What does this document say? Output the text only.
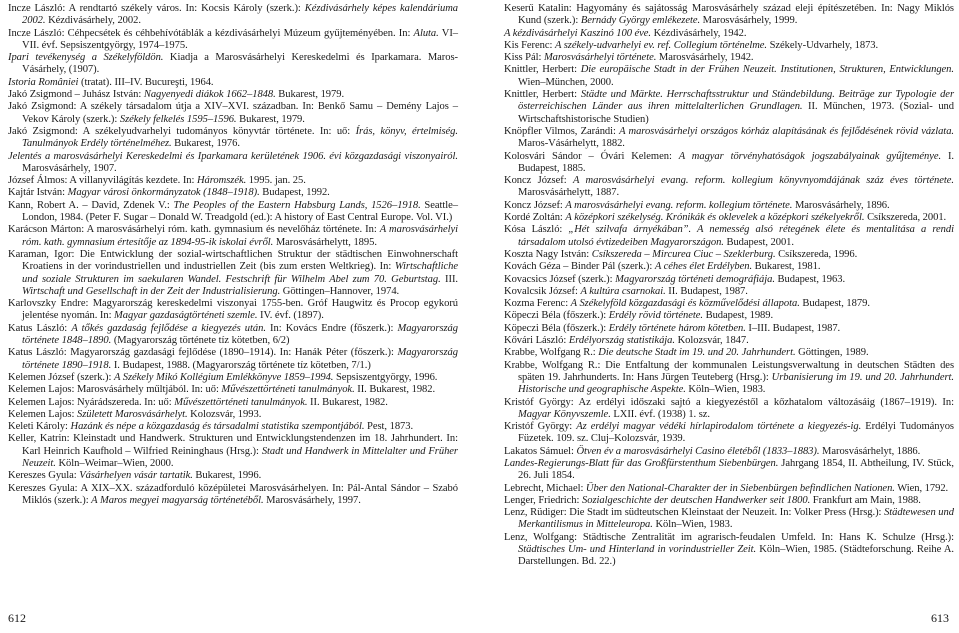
Incze László: A rendtartó székely város. In: Kocsis Károly (szerk.): Kézdivásárhely képes kalendáriuma 2002. Kézdivásárhely, 2002.

Incze László: Céhpecsétek és céhbehívótáblák a kézdivásárhelyi Múzeum gyűjteményében. In: Aluta. VI–VII. évf. Sepsiszentgyörgy, 1974–1975.

Ipari tevékenység a Székelyföldön. Kiadja a Marosvásárhelyi Kereskedelmi és Iparkamara. Maros-Vásárhely, (1907).

Istoria României (tratat). III–IV. Bucureşti, 1964.

Jakó Zsigmond – Juhász István: Nagyenyedi diákok 1662–1848. Bukarest, 1979.

Jakó Zsigmond: A székely társadalom útja a XIV–XVI. században. In: Benkő Samu – Demény Lajos – Vekov Károly (szerk.): Székely felkelés 1595–1596. Bukarest, 1979.

Jakó Zsigmond: A székelyudvarhelyi tudományos könyvtár története. In: uő: Írás, könyv, értelmiség. Tanulmányok Erdély történelméhez. Bukarest, 1976.

Jelentés a marosvásárhelyi Kereskedelmi és Iparkamara kerületének 1906. évi közgazdasági viszonyairól. Marosvásárhely, 1907.

József Álmos: A villanyvilágítás kezdete. In: Háromszék. 1995. jan. 25.

Kajtár István: Magyar városi önkormányzatok (1848–1918). Budapest, 1992.

Kann, Robert A. – David, Zdenek V.: The Peoples of the Eastern Habsburg Lands, 1526–1918. Seattle–London, 1984. (Peter F. Sugar – Donald W. Treadgold (ed.): A history of East Central Europe. Vol. VI.)

Karácson Márton: A marosvásárhelyi róm. kath. gymnasium és nevelőház története. In: A marosvásárhelyi róm. kath. gymnasium értesítője az 1894-95-ik iskolai évről. Marosvásárhelytt, 1895.

Karaman, Igor: Die Entwicklung der sozial-wirtschaftlichen Struktur der städtischen Einwohnerschaft Kroatiens in der vorindustriellen und industriellen Zeit (bis zum ersten Weltkrieg). In: Wirtschaftliche und soziale Strukturen im saekularen Wandel. Festschrift für Wilhelm Abel zum 70. Geburtstag. III. Wirtschaft und Gesellschaft in der Zeit der Industrialisierung. Göttingen–Hannover, 1974.

Karlovszky Endre: Magyarország kereskedelmi viszonyai 1755-ben. Gróf Haugwitz és Procop egykorú jelentése nyomán. In: Magyar gazdaságtörténeti szemle. IV. évf. (1897).

Katus László: A tőkés gazdaság fejlődése a kiegyezés után. In: Kovács Endre (főszerk.): Magyarország története 1848–1890. (Magyarország története tíz kötetben, 6/2)

Katus László: Magyarország gazdasági fejlődése (1890–1914). In: Hanák Péter (főszerk.): Magyarország története 1890–1918. I. Budapest, 1988. (Magyarország története tíz kötetben, 7/1.)

Kelemen József (szerk.): A Székely Mikó Kollégium Emlékkönyve 1859–1994. Sepsiszentgyörgy, 1996.

Kelemen Lajos: Marosvásárhely műltjából. In: uő: Művészettörténeti tanulmányok. II. Bukarest, 1982.

Kelemen Lajos: Nyárádszereda. In: uő: Művészettörténeti tanulmányok. II. Bukarest, 1982.

Kelemen Lajos: Született Marosvásárhelyt. Kolozsvár, 1993.

Keleti Károly: Hazánk és népe a közgazdaság és társadalmi statistika szempontjából. Pest, 1873.

Keller, Katrin: Kleinstadt und Handwerk. Strukturen und Entwicklungstendenzen im 18. Jahrhundert. In: Karl Heinrich Kaufhold – Wilfried Reininghaus (Hrsg.): Stadt und Handwerk in Mittelalter und Früher Neuzeit. Köln–Weimar–Wien, 2000.

Kereszes Gyula: Vásárhelyen vásár tartatik. Bukarest, 1996.

Kereszes Gyula: A XIX–XX. századforduló középületei Marosvásárhelyen. In: Pál-Antal Sándor – Szabó Miklós (szerk.): A Maros megyei magyarság történetéből. Marosvásárhely, 1997.

Keserű Katalin: Hagyomány és sajátosság Marosvásárhely század eleji építészetében. In: Nagy Miklós Kund (szerk.): Bernády György emlékezete. Marosvásárhely, 1999.

A kézdivásárhelyi Kaszinó 100 éve. Kézdivásárhely, 1942.

Kis Ferenc: A székely-udvarhelyi ev. ref. Collegium történelme. Székely-Udvarhely, 1873.

Kiss Pál: Marosvásárhelyi története. Marosvásárhely, 1942.

Knittler, Herbert: Die europäische Stadt in der Frühen Neuzeit. Institutionen, Strukturen, Entwicklungen. Wien–München, 2000.

Knittler, Herbert: Städte und Märkte. Herrschaftsstruktur und Ständebildung. Beiträge zur Typologie der österreichischen Länder aus ihren mittelalterlichen Grundlagen. II. München, 1973. (Sozial- und Wirtschaftshistorische Studien)

Knöpfler Vilmos, Zarándi: A marosvásárhelyi országos kórház alapításának és fejlődésének rövid vázlata. Maros-Vásárhelytt, 1882.

Kolosvári Sándor – Óvári Kelemen: A magyar törvényhatóságok jogszabályainak gyűjteménye. I. Budapest, 1885.

Koncz József: A marosvásárhelyi evang. reform. kollegium könyvnyomdájának száz éves története. Marosvásárhelytt, 1887.

Koncz József: A marosvásárhelyi evang. reform. kollegium története. Marosvásárhely, 1896.

Kordé Zoltán: A középkori székelység. Krónikák és oklevelek a középkori székelyekről. Csíkszereda, 2001.

Kósa László: „Hét szilvafa árnyékában”. A nemesség alsó rétegének élete és mentalitása a rendi társadalom utolsó évtizedeiben Magyarországon. Budapest, 2001.

Koszta Nagy István: Csíkszereda – Mircurea Ciuc – Szeklerburg. Csíkszereda, 1996.

Kovách Géza – Binder Pál (szerk.): A céhes élet Erdélyben. Bukarest, 1981.

Kovacsics József (szerk.): Magyarország történeti demográfiája. Budapest, 1963.

Kovalcsik József: A kultúra csarnokai. II. Budapest, 1987.

Kozma Ferenc: A Székelyföld közgazdasági és közművelődési állapota. Budapest, 1879.

Köpeczi Béla (főszerk.): Erdély rövid története. Budapest, 1989.

Köpeczi Béla (főszerk.): Erdély története három kötetben. I–III. Budapest, 1987.

Kővári László: Erdélyország statistikája. Kolozsvár, 1847.

Krabbe, Wolfgang R.: Die deutsche Stadt im 19. und 20. Jahrhundert. Göttingen, 1989.

Krabbe, Wolfgang R.: Die Entfaltung der kommunalen Leistungsverwaltung in deutschen Städten des späten 19. Jahrhunderts. In: Hans Jürgen Teuteberg (Hrsg.): Urbanisierung im 19. und 20. Jahrhundert. Historische und geographische Aspekte. Köln–Wien, 1983.

Kristóf György: Az erdélyi időszaki sajtó a kiegyezéstől a kőzhatalom változásáig (1867–1919). In: Magyar Könyvszemle. LXII. évf. (1938) 1. sz.

Kristóf György: Az erdélyi magyar védéki hírlapirodalom története a kiegyezés-ig. Erdélyi Tudományos Füzetek. 109. sz. Cluj–Kolozsvár, 1939.

Lakatos Sámuel: Ötven év a marosvásárhelyi Casino életéből (1833–1883). Marosvásárhelyt, 1886.

Landes-Regierungs-Blatt für das Großfürstenthum Siebenbürgen. Jahrgang 1854, II. Abtheilung, IV. Stück, 26. Juli 1854.

Lebrecht, Michael: Über den National-Charakter der in Siebenbürgen befindlichen Nationen. Wien, 1792.

Lenger, Friedrich: Sozialgeschichte der deutschen Handwerker seit 1800. Frankfurt am Main, 1988.

Lenz, Rüdiger: Die Stadt im südteutschen Kleinstaat der Neuzeit. In: Volker Press (Hrsg.): Städtewesen und Merkantilismus in Mitteleuropa. Köln–Wien, 1983.

Lenz, Wolfgang: Städtische Zentralität im agrarisch-feudalen Umfeld. In: Hans K. Schulze (Hrsg.): Städtisches Um- und Hinterland in vorindustrieller Zeit. Köln–Wien, 1985. (Städteforschung. Reihe A. Darstellungen. Bd. 22.)

612	613
